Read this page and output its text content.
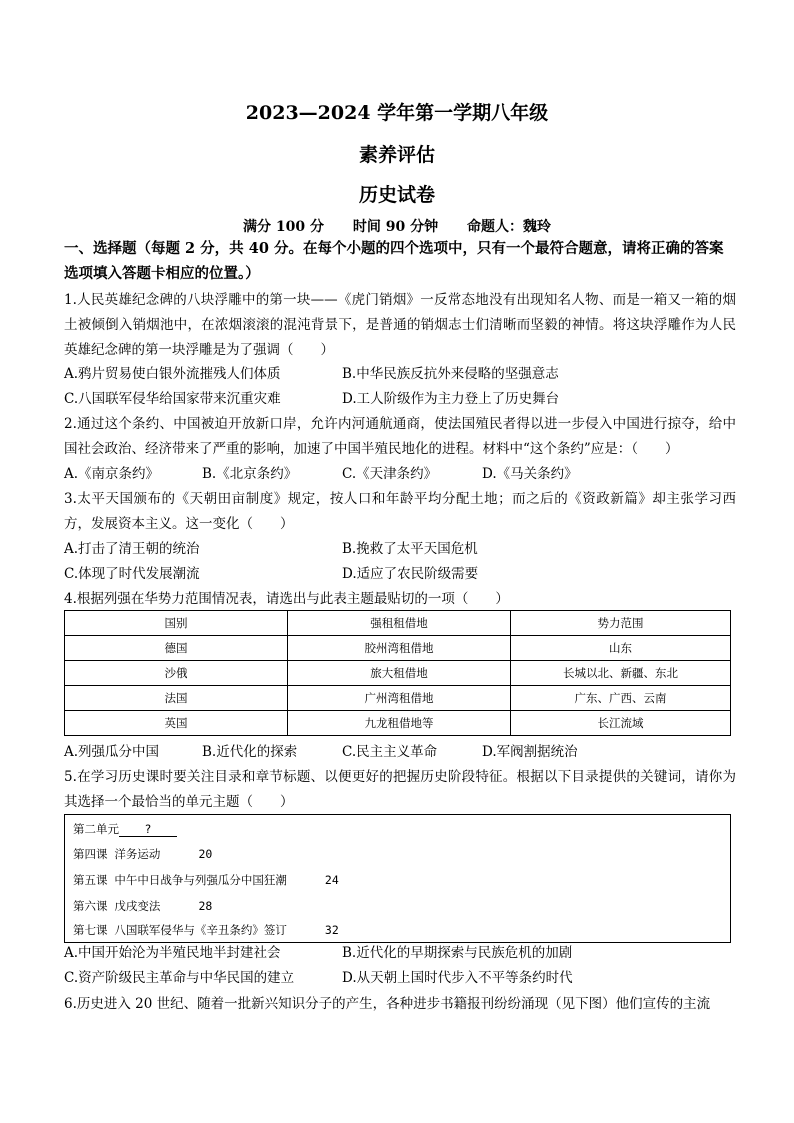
2023—2024 学年第一学期八年级
素养评估
历史试卷
满分 100 分 时间 90 分钟 命题人：魏玲
一、选择题（每题 2 分，共 40 分。在每个小题的四个选项中，只有一个最符合题意，请将正确的答案选项填入答题卡相应的位置。）
1.人民英雄纪念碑的八块浮雕中的第一块——《虎门销烟》一反常态地没有出现知名人物、而是一箱又一箱的烟土被倾倒入销烟池中，在浓烟滚滚的混沌背景下，是普通的销烟志士们清晰而坚毅的神情。将这块浮雕作为人民英雄纪念碑的第一块浮雕是为了强调（　　）
A.鸦片贸易使白银外流摧残人们体质	B.中华民族反抗外来侵略的坚强意志
C.八国联军侵华给国家带来沉重灾难	D.工人阶级作为主力登上了历史舞台
2.通过这个条约、中国被迫开放新口岸，允许内河通航通商，使法国殖民者得以进一步侵入中国进行掠夺，给中国社会政治、经济带来了严重的影响，加速了中国半殖民地化的进程。材料中“这个条约”应是：（　　）
A.《南京条约》	B.《北京条约》	C.《天津条约》	D.《马关条约》
3.太平天国颁布的《天朝田亩制度》规定，按人口和年龄平均分配土地；而之后的《资政新篇》却主张学习西方，发展资本主义。这一变化（　　）
A.打击了清王朝的统治	B.挽救了太平天国危机
C.体现了时代发展潮流	D.适应了农民阶级需要
4.根据列强在华势力范围情况表，请选出与此表主题最贴切的一项（　　）
国别	强租租借地	势力范围
德国	胶州湾租借地	山东
沙俄	旅大租借地	长城以北、新疆、东北
法国	广州湾租借地	广东、广西、云南
英国	九龙租借地等	长江流域
A.列强瓜分中国	B.近代化的探索	C.民主主义革命	D.军阀割据统治
5.在学习历史课时要关注目录和章节标题、以便更好的把握历史阶段特征。根据以下目录提供的关键词，请你为其选择一个最恰当的单元主题（　　）
第二单元 ?
第四课 洋务运动	20
第五课 中午中日战争与列强瓜分中国狂潮	24
第六课 戊戌变法	28
第七课 八国联军侵华与《辛丑条约》签订	32
A.中国开始沦为半殖民地半封建社会	B.近代化的早期探索与民族危机的加剧
C.资产阶级民主革命与中华民国的建立	D.从天朝上国时代步入不平等条约时代
6.历史进入 20 世纪、随着一批新兴知识分子的产生，各种进步书籍报刊纷纷涌现（见下图）他们宣传的主流
